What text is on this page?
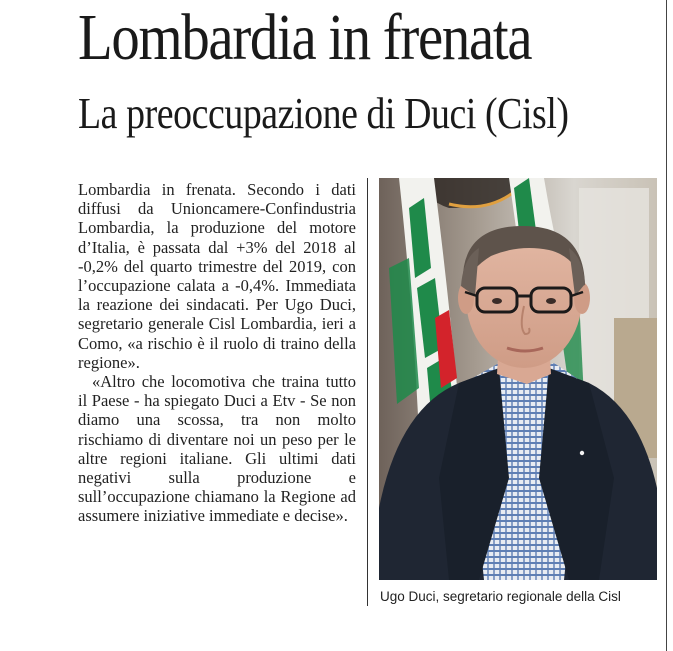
Lombardia in frenata
La preoccupazione di Duci (Cisl)

Lombardia in frenata. Secondo i dati diffusi da Unioncamere-Confindustria Lombardia, la produzione del motore d’Italia, è passata dal +3% del 2018 al -0,2% del quarto trimestre del 2019, con l’occupazione calata a -0,4%. Immediata la reazione dei sindacati. Per Ugo Duci, segretario generale Cisl Lombardia, ieri a Como, «a rischio è il ruolo di traino della regione».

«Altro che locomotiva che traina tutto il Paese - ha spiegato Duci a Etv - Se non diamo una scossa, tra non molto rischiamo di diventare noi un peso per le altre regioni italiane. Gli ultimi dati negativi sulla produzione e sull’occupazione chiamano la Regione ad assumere iniziative immediate e decise».

Ugo Duci, segretario regionale della Cisl
